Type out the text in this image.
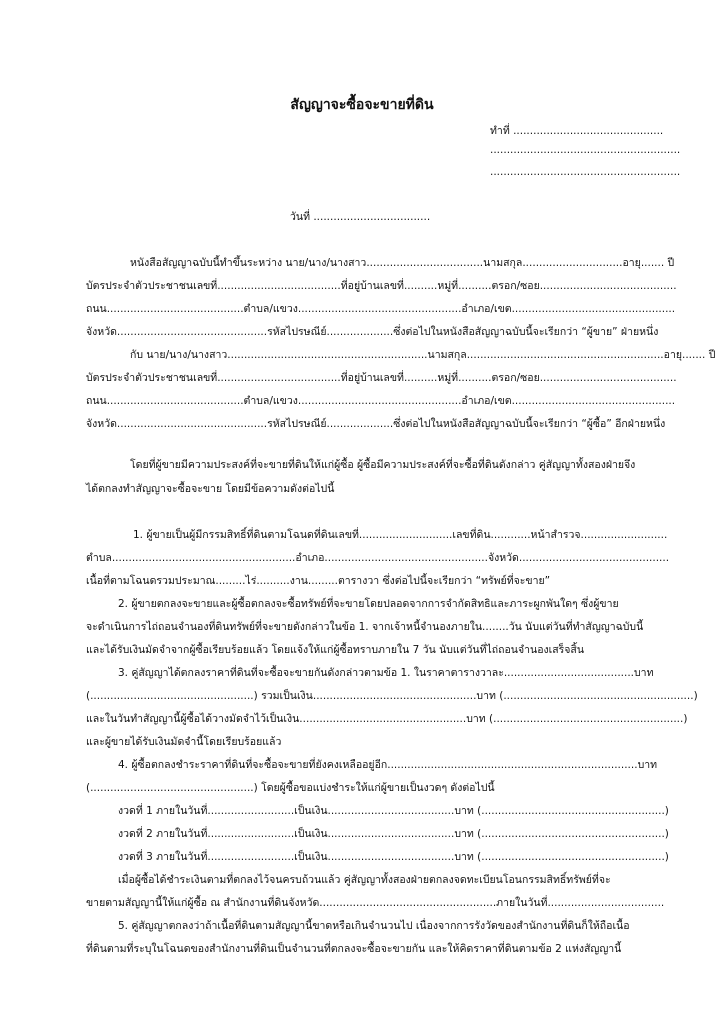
สัญญาจะซื้อจะขายที่ดิน
ทำที่ .............................................
.........................................................
.........................................................
วันที่ ...................................
หนังสือสัญญาฉบับนี้ทำขึ้นระหว่าง นาย/นาง/นางสาว...................................นามสกุล..............................อายุ....... ปี
บัตรประจำตัวประชาชนเลขที่.....................................ที่อยู่บ้านเลขที่..........หมู่ที่..........ตรอก/ซอย.........................................
ถนน.........................................ตำบล/แขวง.................................................อำเภอ/เขต.................................................
จังหวัด.............................................รหัสไปรษณีย์....................ซึ่งต่อไปในหนังสือสัญญาฉบับนี้จะเรียกว่า “ผู้ขาย” ฝ่ายหนึ่ง
กับ นาย/นาง/นางสาว............................................................นามสกุล...........................................................อายุ....... ปี
บัตรประจำตัวประชาชนเลขที่.....................................ที่อยู่บ้านเลขที่..........หมู่ที่..........ตรอก/ซอย.........................................
ถนน.........................................ตำบล/แขวง.................................................อำเภอ/เขต.................................................
จังหวัด.............................................รหัสไปรษณีย์....................ซึ่งต่อไปในหนังสือสัญญาฉบับนี้จะเรียกว่า “ผู้ซื้อ” อีกฝ่ายหนึ่ง
โดยที่ผู้ขายมีความประสงค์ที่จะขายที่ดินให้แก่ผู้ซื้อ ผู้ซื้อมีความประสงค์ที่จะซื้อที่ดินดังกล่าว คู่สัญญาทั้งสองฝ่ายจึง
ได้ตกลงทำสัญญาจะซื้อจะขาย โดยมีข้อความดังต่อไปนี้
1. ผู้ขายเป็นผู้มีกรรมสิทธิ์ที่ดินตามโฉนดที่ดินเลขที่............................เลขที่ดิน............หน้าสำรวจ..........................
ตำบล.......................................................อำเภอ.................................................จังหวัด.............................................
เนื้อที่ตามโฉนดรวมประมาณ.........ไร่..........งาน.........ตารางวา ซึ่งต่อไปนี้จะเรียกว่า “ทรัพย์ที่จะขาย”
2. ผู้ขายตกลงจะขายและผู้ซื้อตกลงจะซื้อทรัพย์ที่จะขายโดยปลอดจากการจำกัดสิทธิและภาระผูกพันใดๆ ซึ่งผู้ขาย
จะดำเนินการไถ่ถอนจำนองที่ดินทรัพย์ที่จะขายดังกล่าวในข้อ 1. จากเจ้าหนี้จำนองภายใน........วัน นับแต่วันที่ทำสัญญาฉบับนี้
และได้รับเงินมัดจำจากผู้ซื้อเรียบร้อยแล้ว โดยแจ้งให้แก่ผู้ซื้อทราบภายใน 7 วัน นับแต่วันที่ไถ่ถอนจำนองเสร็จสิ้น
3. คู่สัญญาได้ตกลงราคาที่ดินที่จะซื้อจะขายกันดังกล่าวตามข้อ 1. ในราคาตารางวาละ.......................................บาท
(.................................................) รวมเป็นเงิน.................................................บาท (.........................................................)
และในวันทำสัญญานี้ผู้ซื้อได้วางมัดจำไว้เป็นเงิน..................................................บาท (.........................................................)
และผู้ขายได้รับเงินมัดจำนี้โดยเรียบร้อยแล้ว
4. ผู้ซื้อตกลงชำระราคาที่ดินที่จะซื้อจะขายที่ยังคงเหลืออยู่อีก...........................................................................บาท
(.................................................) โดยผู้ซื้อขอแบ่งชำระให้แก่ผู้ขายเป็นงวดๆ ดังต่อไปนี้
งวดที่ 1 ภายในวันที่..........................เป็นเงิน......................................บาท (.......................................................)
งวดที่ 2 ภายในวันที่..........................เป็นเงิน......................................บาท (.......................................................)
งวดที่ 3 ภายในวันที่..........................เป็นเงิน......................................บาท (.......................................................)
เมื่อผู้ซื้อได้ชำระเงินตามที่ตกลงไว้จนครบถ้วนแล้ว คู่สัญญาทั้งสองฝ่ายตกลงจดทะเบียนโอนกรรมสิทธิ์ทรัพย์ที่จะ
ขายตามสัญญานี้ให้แก่ผู้ซื้อ ณ สำนักงานที่ดินจังหวัด.....................................................ภายในวันที่...................................
5. คู่สัญญาตกลงว่าถ้าเนื้อที่ดินตามสัญญานี้ขาดหรือเกินจำนวนไป เนื่องจากการรังวัดของสำนักงานที่ดินก็ให้ถือเนื้อ
ที่ดินตามที่ระบุในโฉนดของสำนักงานที่ดินเป็นจำนวนที่ตกลงจะซื้อจะขายกัน และให้คิดราคาที่ดินตามข้อ 2 แห่งสัญญานี้
